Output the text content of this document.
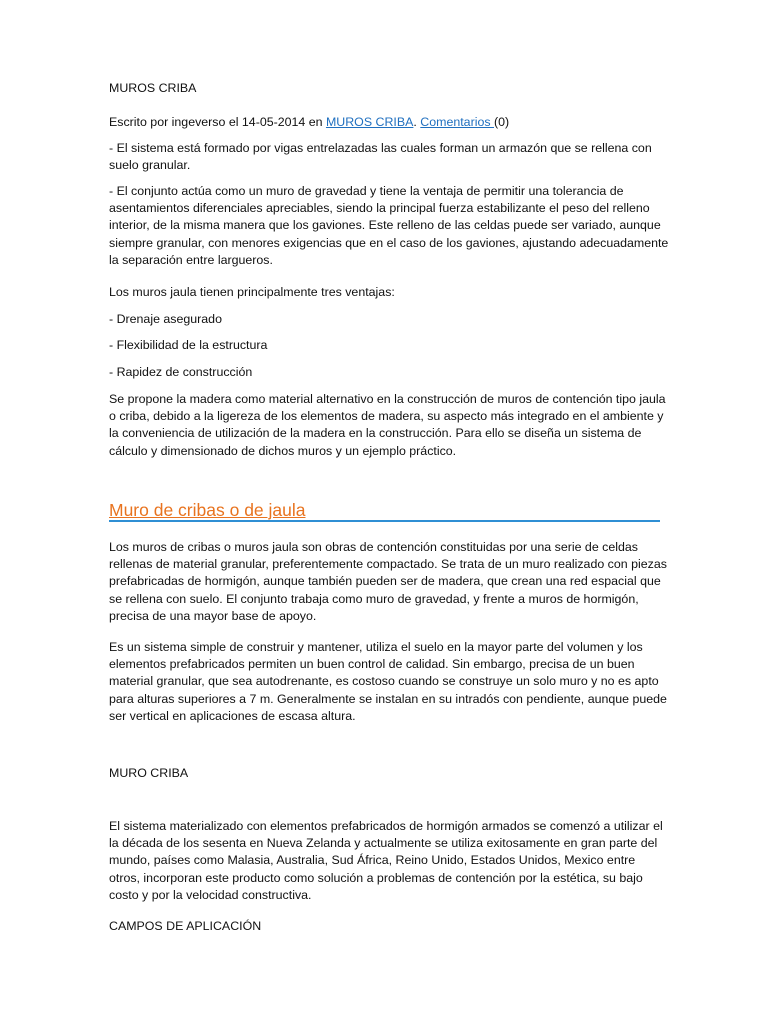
MUROS CRIBA

Escrito por ingeverso el 14-05-2014 en MUROS CRIBA. Comentarios (0)

- El sistema está formado por vigas entrelazadas las cuales forman un armazón que se rellena con suelo granular.

- El conjunto actúa como un muro de gravedad y tiene la ventaja de permitir una tolerancia de asentamientos diferenciales apreciables, siendo la principal fuerza estabilizante el peso del relleno interior, de la misma manera que los gaviones. Este relleno de las celdas puede ser variado, aunque siempre granular, con menores exigencias que en el caso de los gaviones, ajustando adecuadamente la separación entre largueros.

Los muros jaula tienen principalmente tres ventajas:

- Drenaje asegurado

- Flexibilidad de la estructura

- Rapidez de construcción

Se propone la madera como material alternativo en la construcción de muros de contención tipo jaula o criba, debido a la ligereza de los elementos de madera, su aspecto más integrado en el ambiente y la conveniencia de utilización de la madera en la construcción. Para ello se diseña un sistema de cálculo y dimensionado de dichos muros y un ejemplo práctico.

Muro de cribas o de jaula

Los muros de cribas o muros jaula son obras de contención constituidas por una serie de celdas rellenas de material granular, preferentemente compactado. Se trata de un muro realizado con piezas prefabricadas de hormigón, aunque también pueden ser de madera, que crean una red espacial que se rellena con suelo. El conjunto trabaja como muro de gravedad, y frente a muros de hormigón, precisa de una mayor base de apoyo.

Es un sistema simple de construir y mantener, utiliza el suelo en la mayor parte del volumen y los elementos prefabricados permiten un buen control de calidad. Sin embargo, precisa de un buen material granular, que sea autodrenante, es costoso cuando se construye un solo muro y no es apto para alturas superiores a 7 m. Generalmente se instalan en su intradós con pendiente, aunque puede ser vertical en aplicaciones de escasa altura.

MURO CRIBA

El sistema materializado con elementos prefabricados de hormigón armados se comenzó a utilizar el la década de los sesenta en Nueva Zelanda y actualmente se utiliza exitosamente en gran parte del mundo, países como Malasia, Australia, Sud África, Reino Unido, Estados Unidos, Mexico entre otros, incorporan este producto como solución a problemas de contención por la estética, su bajo costo y por la velocidad constructiva.

CAMPOS DE APLICACIÓN
